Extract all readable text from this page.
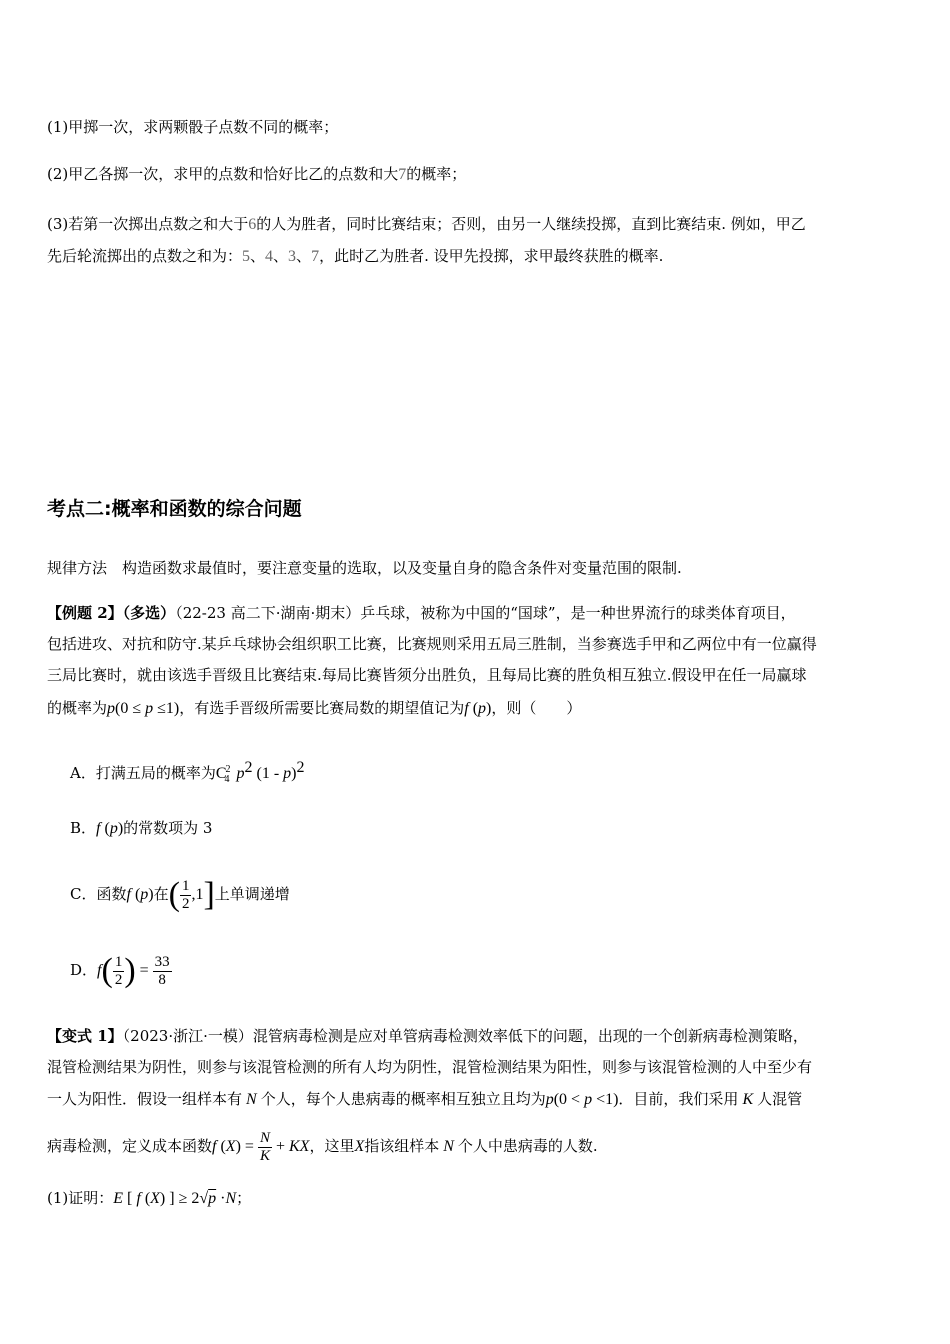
(1)甲掷一次，求两颗骰子点数不同的概率；
(2)甲乙各掷一次，求甲的点数和恰好比乙的点数和大7的概率；
(3)若第一次掷出点数之和大于6的人为胜者，同时比赛结束；否则，由另一人继续投掷，直到比赛结束. 例如，甲乙
先后轮流掷出的点数之和为：5、4、3、7，此时乙为胜者. 设甲先投掷，求甲最终获胜的概率.
考点二:概率和函数的综合问题
规律方法　构造函数求最值时，要注意变量的选取，以及变量自身的隐含条件对变量范围的限制.
【例题 2】（多选）（22-23 高二下·湖南·期末）乒乓球，被称为中国的“国球”，是一种世界流行的球类体育项目，
包括进攻、对抗和防守.某乒乓球协会组织职工比赛，比赛规则采用五局三胜制，当参赛选手甲和乙两位中有一位赢得
三局比赛时，就由该选手晋级且比赛结束.每局比赛皆须分出胜负，且每局比赛的胜负相互独立.假设甲在任一局赢球
的概率为p(0 ≤ p ≤1)，有选手晋级所需要比赛局数的期望值记为f (p)，则（　　）
A．打满五局的概率为$C^2_4$ $p^2$ (1 - p)$^2$
B．f (p)的常数项为 3
C．函数f (p)在( $\frac{1}{2} ,1$]上单调递增
D．$f( \frac{1}{2}$ ) = $\frac{33}{8}$
【变式 1】（2023·浙江·一模）混管病毒检测是应对单管病毒检测效率低下的问题，出现的一个创新病毒检测策略，
混管检测结果为阴性，则参与该混管检测的所有人均为阴性，混管检测结果为阳性，则参与该混管检测的人中至少有
一人为阳性．假设一组样本有 N 个人，每个人患病毒的概率相互独立且均为p(0 < p <1)．目前，我们采用 K 人混管
病毒检测，定义成本函数f $(X) = \frac{N}{K}$ + KX，这里X指该组样本 N 个人中患病毒的人数.
(1)证明：E [ f (X) ] ≥ 2√p ·N；
